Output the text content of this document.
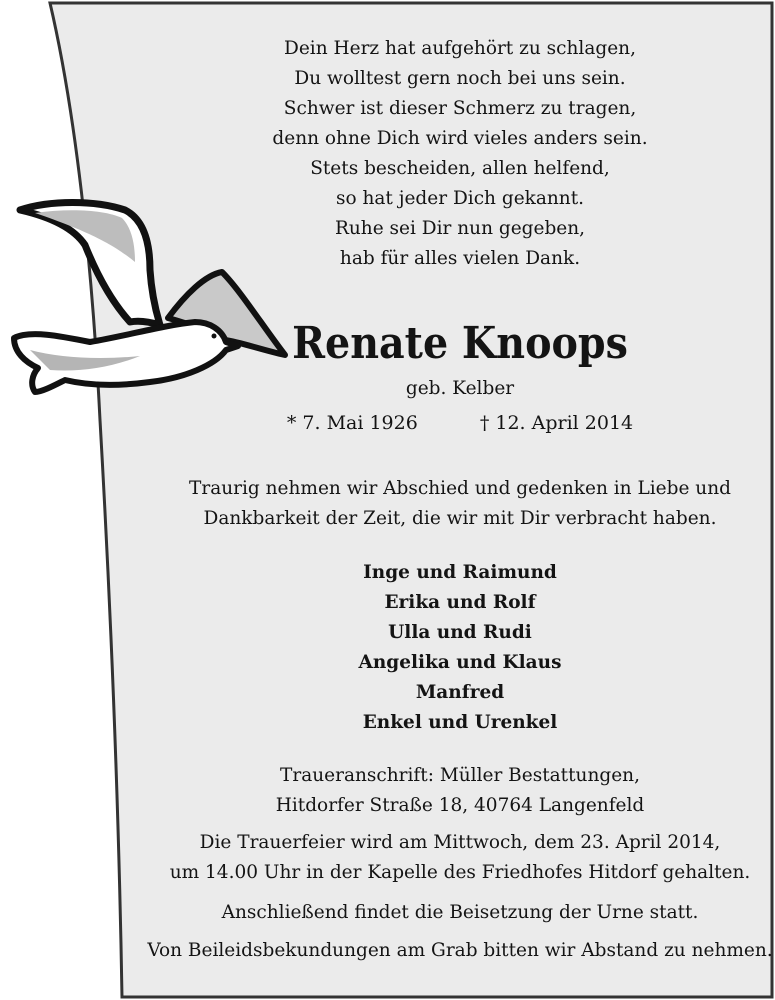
Dein Herz hat aufgehört zu schlagen,
Du wolltest gern noch bei uns sein.
Schwer ist dieser Schmerz zu tragen,
denn ohne Dich wird vieles anders sein.
Stets bescheiden, allen helfend,
so hat jeder Dich gekannt.
Ruhe sei Dir nun gegeben,
hab für alles vielen Dank.
Renate Knoops
geb. Kelber
* 7. Mai 1926	† 12. April 2014
Traurig nehmen wir Abschied und gedenken in Liebe und
Dankbarkeit der Zeit, die wir mit Dir verbracht haben.
Inge und Raimund
Erika und Rolf
Ulla und Rudi
Angelika und Klaus
Manfred
Enkel und Urenkel
Traueranschrift: Müller Bestattungen,
Hitdorfer Straße 18, 40764 Langenfeld
Die Trauerfeier wird am Mittwoch, dem 23. April 2014,
um 14.00 Uhr in der Kapelle des Friedhofes Hitdorf gehalten.
Anschließend findet die Beisetzung der Urne statt.
Von Beileidsbekundungen am Grab bitten wir Abstand zu nehmen.
